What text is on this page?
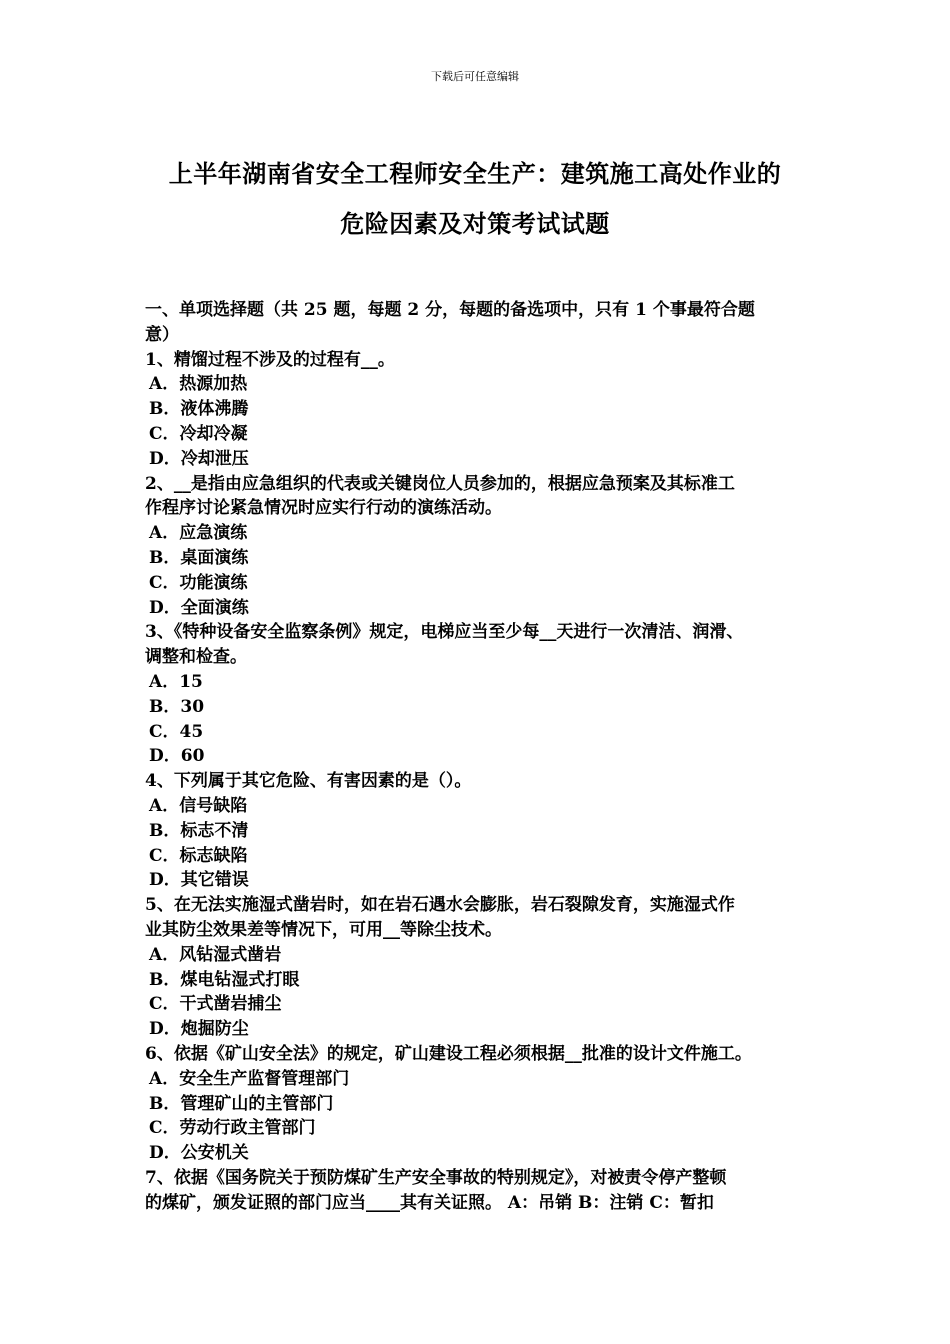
下载后可任意编辑
上半年湖南省安全工程师安全生产：建筑施工高处作业的
危险因素及对策考试试题
一、单项选择题（共 25 题，每题 2 分，每题的备选项中，只有 1 个事最符合题
意）
1、精馏过程不涉及的过程有__。
A．热源加热
B．液体沸腾
C．冷却冷凝
D．冷却泄压
2、__是指由应急组织的代表或关键岗位人员参加的，根据应急预案及其标准工
作程序讨论紧急情况时应实行行动的演练活动。
A．应急演练
B．桌面演练
C．功能演练
D．全面演练
3、《特种设备安全监察条例》规定，电梯应当至少每__天进行一次清洁、润滑、
调整和检查。
A．15
B．30
C．45
D．60
4、下列属于其它危险、有害因素的是（）。
A．信号缺陷
B．标志不清
C．标志缺陷
D．其它错误
5、在无法实施湿式凿岩时，如在岩石遇水会膨胀，岩石裂隙发育，实施湿式作
业其防尘效果差等情况下，可用__等除尘技术。
A．风钻湿式凿岩
B．煤电钻湿式打眼
C．干式凿岩捕尘
D．炮掘防尘
6、依据《矿山安全法》的规定，矿山建设工程必须根据__批准的设计文件施工。
A．安全生产监督管理部门
B．管理矿山的主管部门
C．劳动行政主管部门
D．公安机关
7、依据《国务院关于预防煤矿生产安全事故的特别规定》，对被责令停产整顿
的煤矿，颁发证照的部门应当____其有关证照。 A：吊销 B：注销 C：暂扣
